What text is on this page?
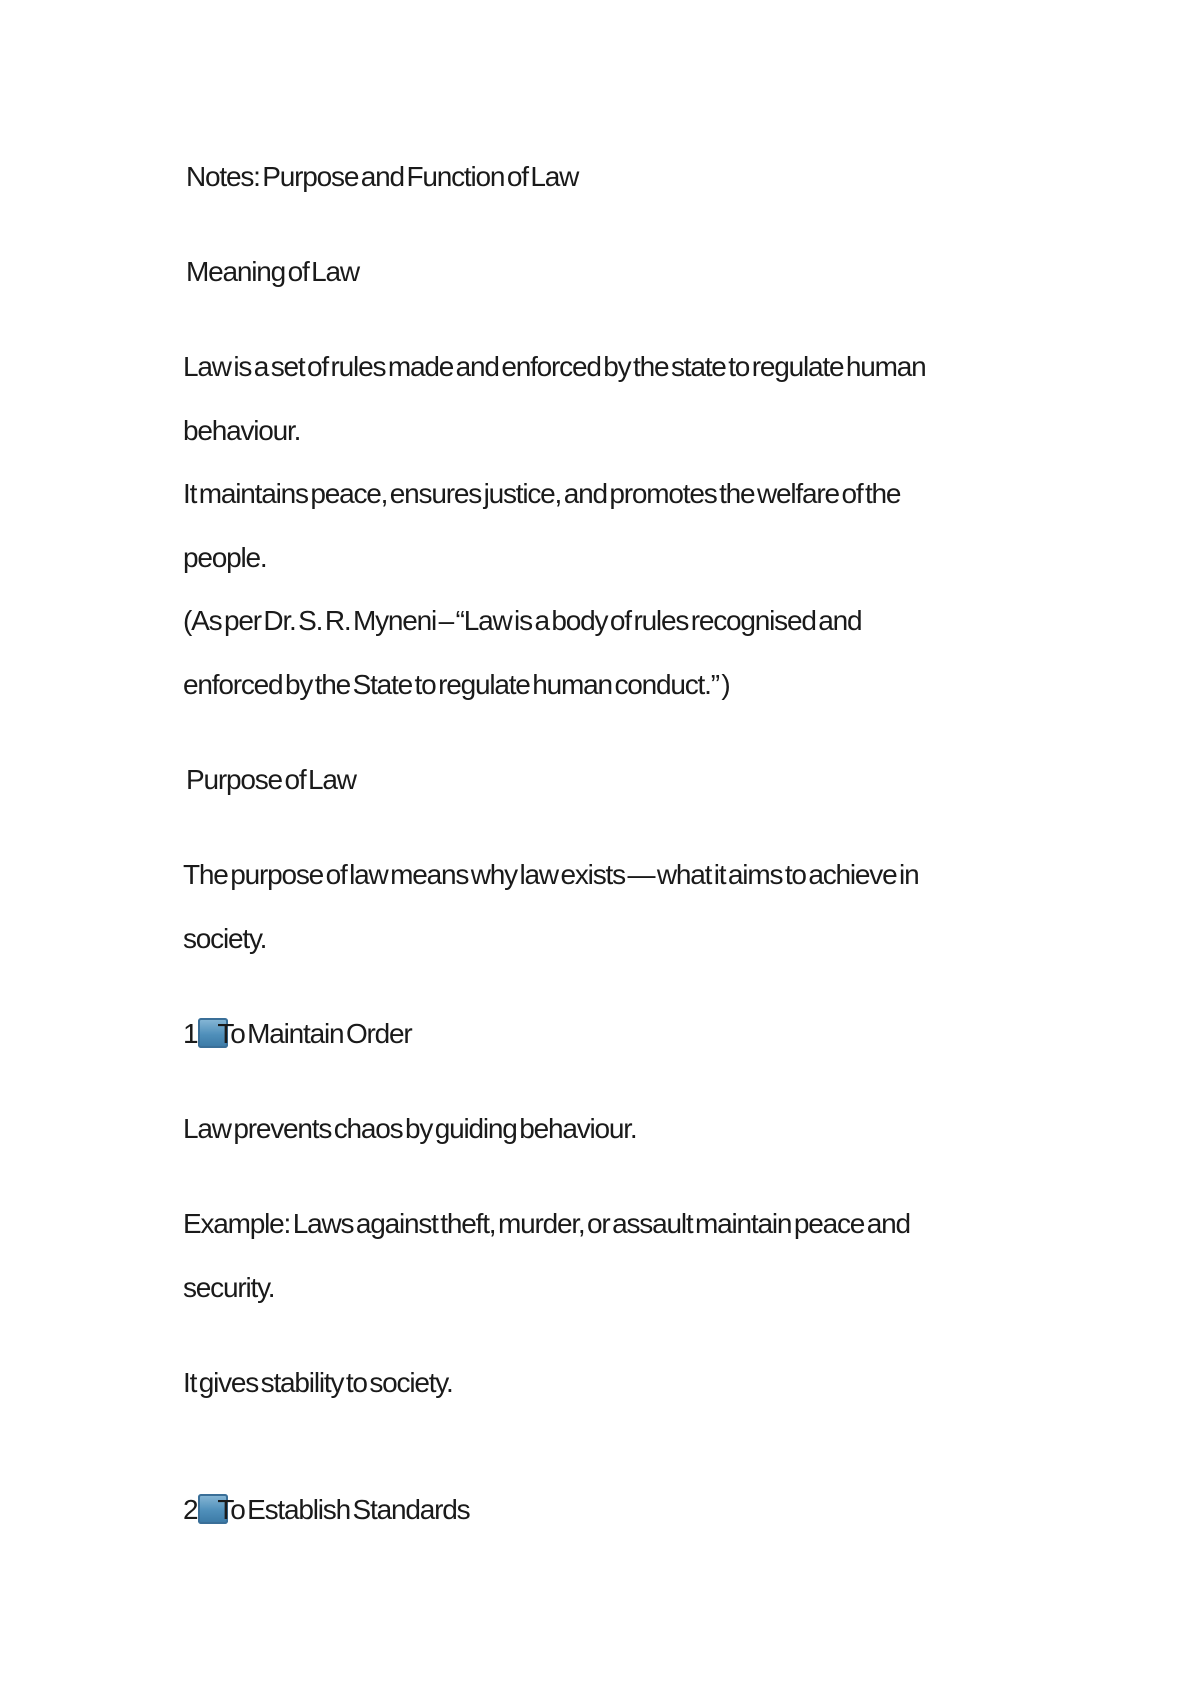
Notes: Purpose and Function of Law

Meaning of Law

Law is a set of rules made and enforced by the state to regulate human

behaviour.

It maintains peace, ensures justice, and promotes the welfare of the

people.

(As per Dr. S. R. Myneni – “Law is a body of rules recognised and

enforced by the State to regulate human conduct.” )

Purpose of Law

The purpose of law means why law exists — what it aims to achieve in

society.

1 To Maintain Order

Law prevents chaos by guiding behaviour.

Example: Laws against theft, murder, or assault maintain peace and

security.

It gives stability to society.

2 To Establish Standards
